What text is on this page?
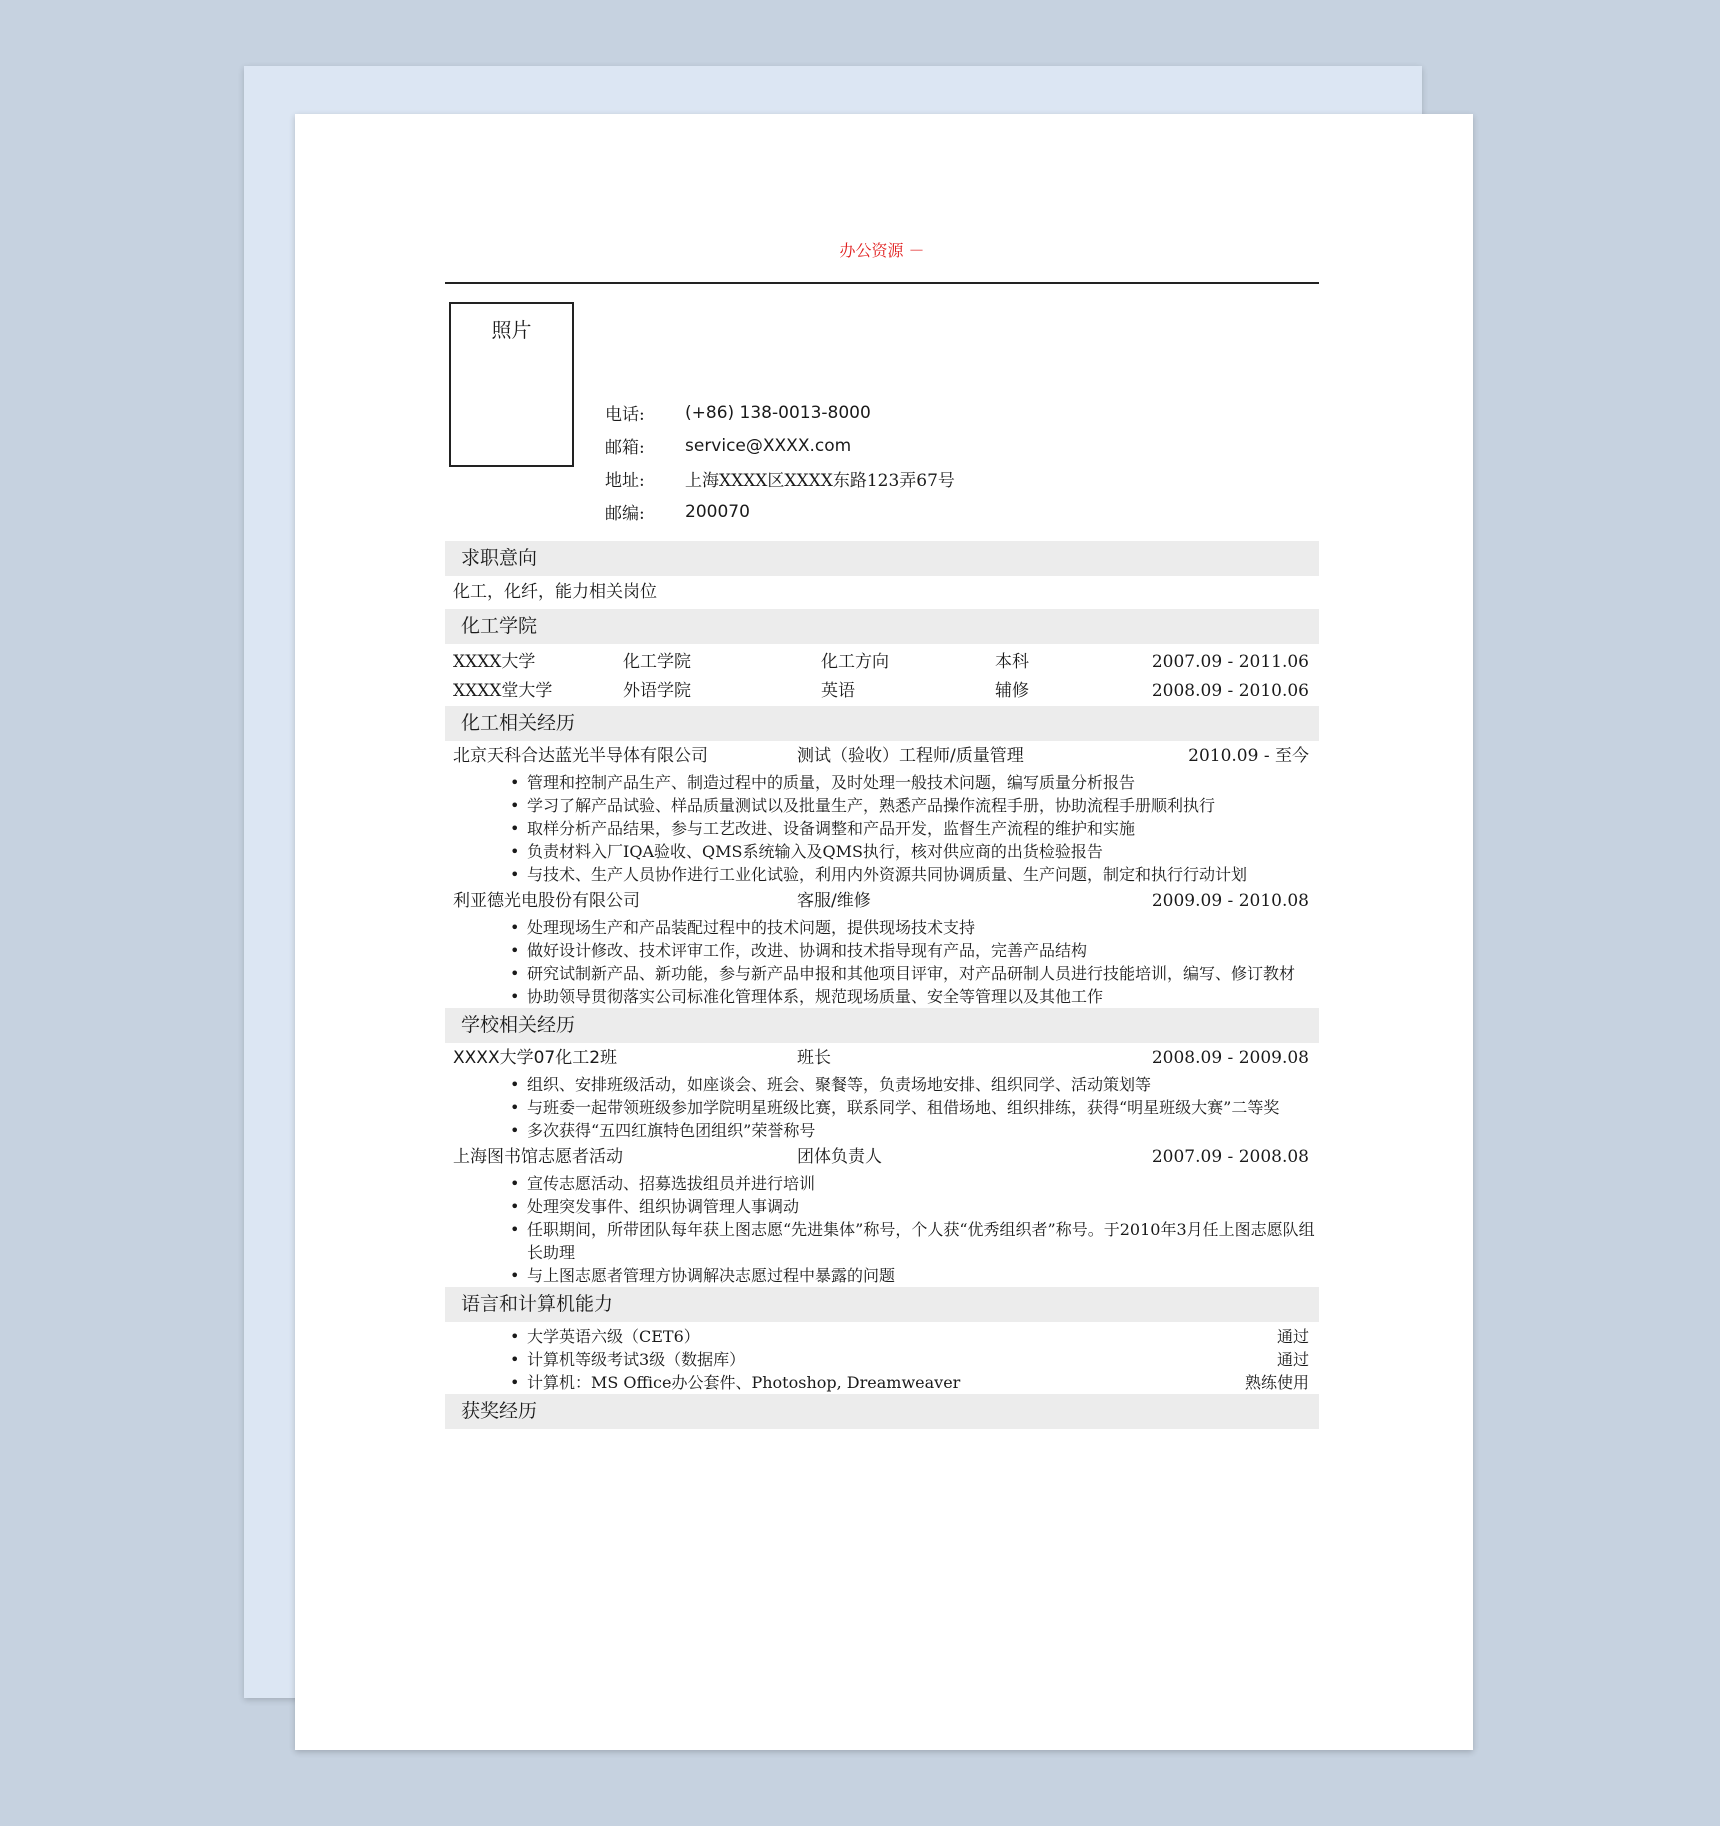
办公资源 －
照片
电话:	(+86) 138-0013-8000
邮箱:	service@XXXX.com
地址:	上海XXXX区XXXX东路123弄67号
邮编:	200070
求职意向
化工，化纤，能力相关岗位
化工学院
XXXX大学	化工学院	化工方向	本科	2007.09 - 2011.06
XXXX堂大学	外语学院	英语	辅修	2008.09 - 2010.06
化工相关经历
北京天科合达蓝光半导体有限公司	测试（验收）工程师/质量管理	2010.09 - 至今
• 管理和控制产品生产、制造过程中的质量，及时处理一般技术问题，编写质量分析报告
• 学习了解产品试验、样品质量测试以及批量生产，熟悉产品操作流程手册，协助流程手册顺利执行
• 取样分析产品结果，参与工艺改进、设备调整和产品开发，监督生产流程的维护和实施
• 负责材料入厂IQA验收、QMS系统输入及QMS执行，核对供应商的出货检验报告
• 与技术、生产人员协作进行工业化试验，利用内外资源共同协调质量、生产问题，制定和执行行动计划
利亚德光电股份有限公司	客服/维修	2009.09 - 2010.08
• 处理现场生产和产品装配过程中的技术问题，提供现场技术支持
• 做好设计修改、技术评审工作，改进、协调和技术指导现有产品，完善产品结构
• 研究试制新产品、新功能，参与新产品申报和其他项目评审，对产品研制人员进行技能培训，编写、修订教材
• 协助领导贯彻落实公司标准化管理体系，规范现场质量、安全等管理以及其他工作
学校相关经历
XXXX大学07化工2班	班长	2008.09 - 2009.08
• 组织、安排班级活动，如座谈会、班会、聚餐等，负责场地安排、组织同学、活动策划等
• 与班委一起带领班级参加学院明星班级比赛，联系同学、租借场地、组织排练，获得“明星班级大赛”二等奖
• 多次获得“五四红旗特色团组织”荣誉称号
上海图书馆志愿者活动	团体负责人	2007.09 - 2008.08
• 宣传志愿活动、招募选拔组员并进行培训
• 处理突发事件、组织协调管理人事调动
• 任职期间，所带团队每年获上图志愿“先进集体”称号，个人获“优秀组织者”称号。于2010年3月任上图志愿队组长助理
• 与上图志愿者管理方协调解决志愿过程中暴露的问题
语言和计算机能力
• 大学英语六级（CET6）	通过
• 计算机等级考试3级（数据库）	通过
• 计算机：MS Office办公套件、Photoshop, Dreamweaver	熟练使用
获奖经历
